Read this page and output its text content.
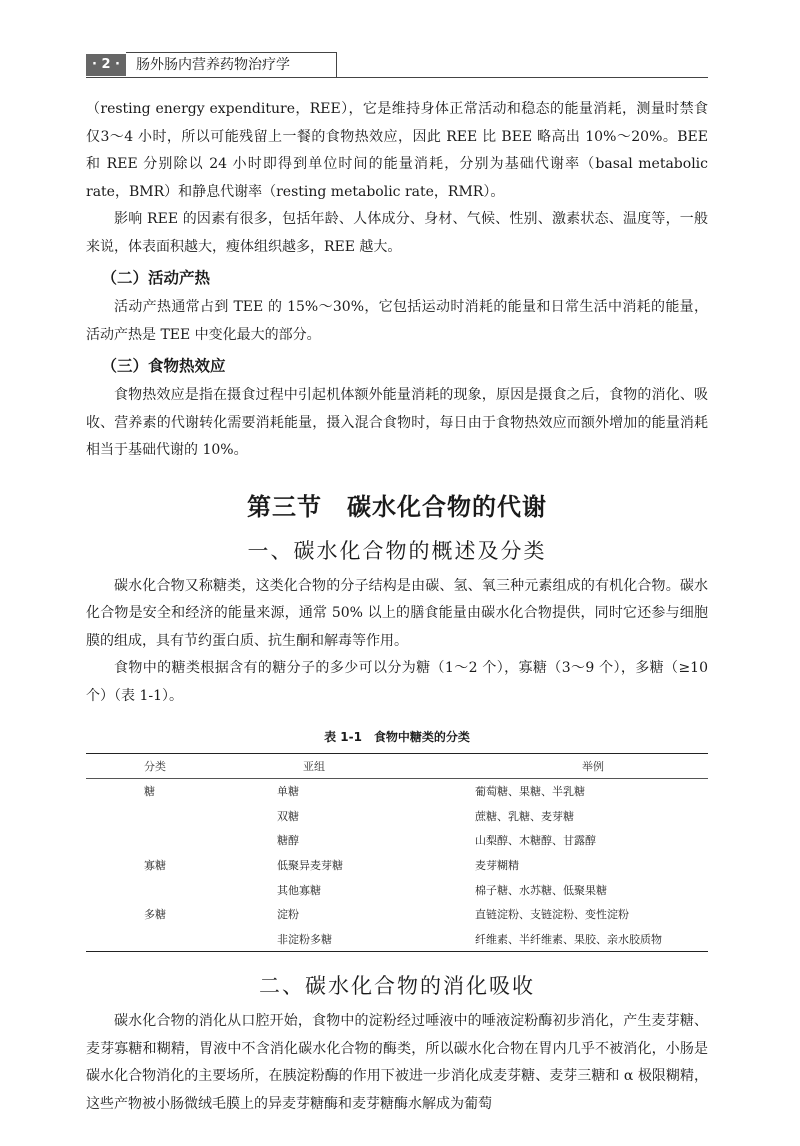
· 2 ·	肠外肠内营养药物治疗学

（resting energy expenditure，REE），它是维持身体正常活动和稳态的能量消耗，测量时禁食仅3～4 小时，所以可能残留上一餐的食物热效应，因此 REE 比 BEE 略高出 10%～20%。BEE 和 REE 分别除以 24 小时即得到单位时间的能量消耗，分别为基础代谢率（basal metabolic rate，BMR）和静息代谢率（resting metabolic rate，RMR）。

影响 REE 的因素有很多，包括年龄、人体成分、身材、气候、性别、激素状态、温度等，一般来说，体表面积越大，瘦体组织越多，REE 越大。

（二）活动产热

活动产热通常占到 TEE 的 15%～30%，它包括运动时消耗的能量和日常生活中消耗的能量，活动产热是 TEE 中变化最大的部分。

（三）食物热效应

食物热效应是指在摄食过程中引起机体额外能量消耗的现象，原因是摄食之后，食物的消化、吸收、营养素的代谢转化需要消耗能量，摄入混合食物时，每日由于食物热效应而额外增加的能量消耗相当于基础代谢的 10%。

第三节　碳水化合物的代谢
一、碳水化合物的概述及分类

碳水化合物又称糖类，这类化合物的分子结构是由碳、氢、氧三种元素组成的有机化合物。碳水化合物是安全和经济的能量来源，通常 50% 以上的膳食能量由碳水化合物提供，同时它还参与细胞膜的组成，具有节约蛋白质、抗生酮和解毒等作用。

食物中的糖类根据含有的糖分子的多少可以分为糖（1～2 个），寡糖（3～9 个），多糖（≥10 个）（表 1-1）。

表 1-1　食物中糖类的分类
分类	亚组	举例
糖	单糖	葡萄糖、果糖、半乳糖
	双糖	蔗糖、乳糖、麦芽糖
	糖醇	山梨醇、木糖醇、甘露醇
寡糖	低聚异麦芽糖	麦芽糊精
	其他寡糖	棉子糖、水苏糖、低聚果糖
多糖	淀粉	直链淀粉、支链淀粉、变性淀粉
	非淀粉多糖	纤维素、半纤维素、果胶、亲水胶质物
二、碳水化合物的消化吸收

碳水化合物的消化从口腔开始，食物中的淀粉经过唾液中的唾液淀粉酶初步消化，产生麦芽糖、麦芽寡糖和糊精，胃液中不含消化碳水化合物的酶类，所以碳水化合物在胃内几乎不被消化，小肠是碳水化合物消化的主要场所，在胰淀粉酶的作用下被进一步消化成麦芽糖、麦芽三糖和 α 极限糊精，这些产物被小肠微绒毛膜上的异麦芽糖酶和麦芽糖酶水解成为葡萄
